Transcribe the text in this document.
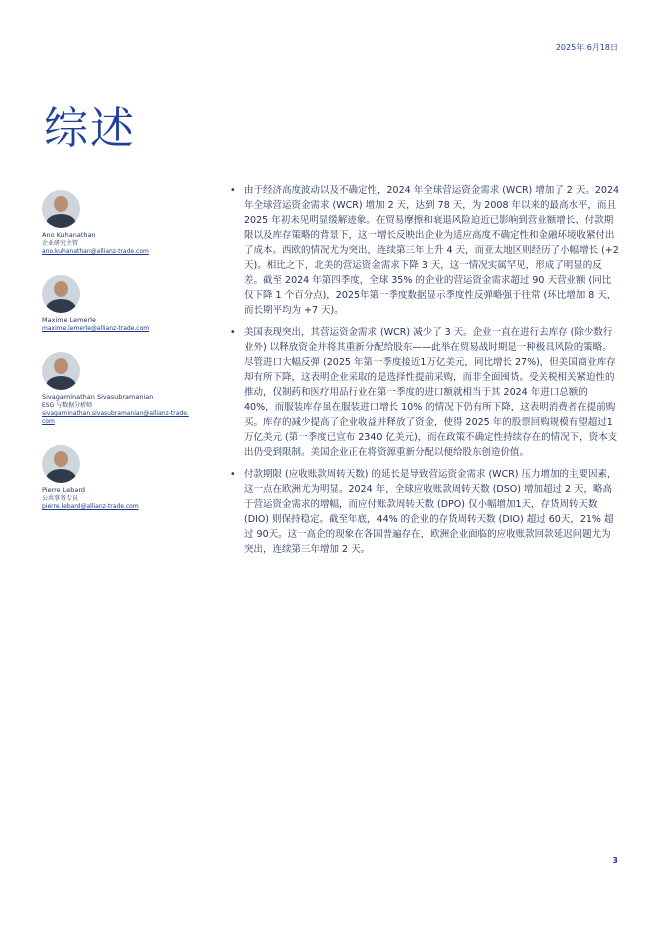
2025年 6月18日
综述
Ano Kuhanathan
企业研究主管
ano.kuhanathan@allianz-trade.com
Maxime Lemerle
maxime.lemerle@allianz-trade.com
Sivagaminathan Sivasubramanian
ESG 与数据分析师
sivagaminathan.sivasubramanian@allianz-trade.com
Pierre Lebard
公共事务专员
pierre.lebard@allianz-trade.com
• 由于经济高度波动以及不确定性，2024 年全球营运资金需求 (WCR) 增加了 2 天。2024 年全球营运资金需求 (WCR) 增加 2 天，达到 78 天，为 2008 年以来的最高水平，而且 2025 年初未见明显缓解迹象。在贸易摩擦和衰退风险迫近已影响到营业额增长、付款期限以及库存策略的背景下，这一增长反映出企业为适应高度不确定性和金融环境收紧付出了成本。西欧的情况尤为突出，连续第三年上升 4 天，而亚太地区则经历了小幅增长 (+2 天)。相比之下，北美的营运资金需求下降 3 天，这一情况实属罕见，形成了明显的反差。截至 2024 年第四季度，全球 35% 的企业的营运资金需求超过 90 天营业额 (同比仅下降 1 个百分点)，2025年第一季度数据显示季度性反弹略强于往常 (环比增加 8 天，而长期平均为 +7 天)。
• 美国表现突出，其营运资金需求 (WCR) 减少了 3 天。企业一直在进行去库存 (除少数行业外) 以释放资金并将其重新分配给股东——此举在贸易战时期是一种极具风险的策略。尽管进口大幅反弹 (2025 年第一季度接近1万亿美元，同比增长 27%)，但美国商业库存却有所下降，这表明企业采取的是选择性提前采购，而非全面囤货。受关税相关紧迫性的推动，仅制药和医疗用品行业在第一季度的进口额就相当于其 2024 年进口总额的 40%，而服装库存虽在服装进口增长 10% 的情况下仍有所下降，这表明消费者在提前购买。库存的减少提高了企业收益并释放了资金，使得 2025 年的股票回购规模有望超过1万亿美元 (第一季度已宣布 2340 亿美元)，而在政策不确定性持续存在的情况下，资本支出仍受到限制。美国企业正在将资源重新分配以便给股东创造价值。
• 付款期限 (应收账款周转天数) 的延长是导致营运资金需求 (WCR) 压力增加的主要因素，这一点在欧洲尤为明显。2024 年，全球应收账款周转天数 (DSO) 增加超过 2 天，略高于营运资金需求的增幅，而应付账款周转天数 (DPO) 仅小幅增加1天，存货周转天数 (DIO) 则保持稳定。截至年底，44% 的企业的存货周转天数 (DIO) 超过 60天，21% 超过 90天。这一高企的现象在各国普遍存在，欧洲企业面临的应收账款回款延迟问题尤为突出，连续第三年增加 2 天。
3
